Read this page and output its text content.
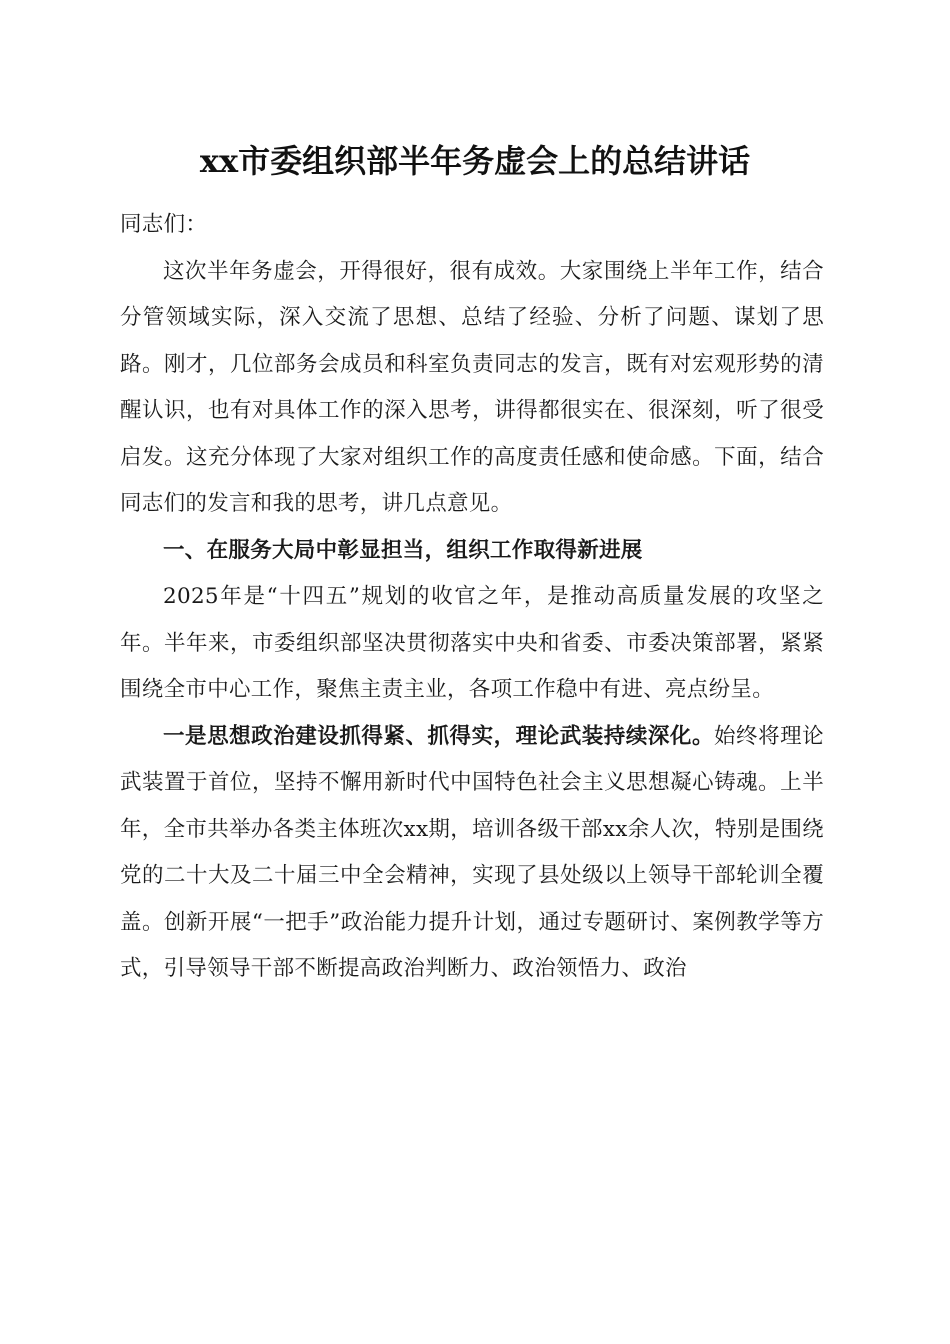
xx市委组织部半年务虚会上的总结讲话

同志们：

这次半年务虚会，开得很好，很有成效。大家围绕上半年工作，结合分管领域实际，深入交流了思想、总结了经验、分析了问题、谋划了思路。刚才，几位部务会成员和科室负责同志的发言，既有对宏观形势的清醒认识，也有对具体工作的深入思考，讲得都很实在、很深刻，听了很受启发。这充分体现了大家对组织工作的高度责任感和使命感。下面，结合同志们的发言和我的思考，讲几点意见。

一、在服务大局中彰显担当，组织工作取得新进展

2025年是“十四五”规划的收官之年，是推动高质量发展的攻坚之年。半年来，市委组织部坚决贯彻落实中央和省委、市委决策部署，紧紧围绕全市中心工作，聚焦主责主业，各项工作稳中有进、亮点纷呈。

一是思想政治建设抓得紧、抓得实，理论武装持续深化。始终将理论武装置于首位，坚持不懈用新时代中国特色社会主义思想凝心铸魂。上半年，全市共举办各类主体班次xx期，培训各级干部xx余人次，特别是围绕党的二十大及二十届三中全会精神，实现了县处级以上领导干部轮训全覆盖。创新开展“一把手”政治能力提升计划，通过专题研讨、案例教学等方式，引导领导干部不断提高政治判断力、政治领悟力、政治
